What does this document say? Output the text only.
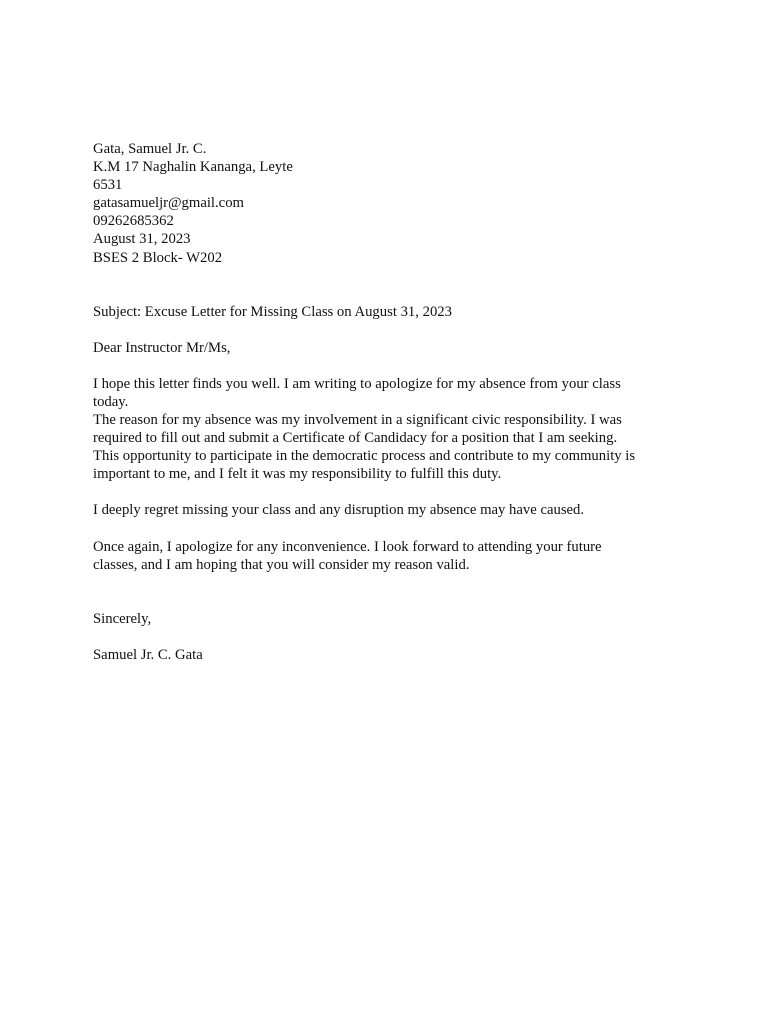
Gata, Samuel Jr. C.
K.M 17 Naghalin Kananga, Leyte
6531
gatasamueljr@gmail.com
09262685362
August 31, 2023
BSES 2 Block- W202
Subject: Excuse Letter for Missing Class on August 31, 2023
Dear Instructor Mr/Ms,
I hope this letter finds you well. I am writing to apologize for my absence from your class
today.
The reason for my absence was my involvement in a significant civic responsibility. I was
required to fill out and submit a Certificate of Candidacy for a position that I am seeking.
This opportunity to participate in the democratic process and contribute to my community is
important to me, and I felt it was my responsibility to fulfill this duty.
I deeply regret missing your class and any disruption my absence may have caused.
Once again, I apologize for any inconvenience. I look forward to attending your future
classes, and I am hoping that you will consider my reason valid.
Sincerely,
Samuel Jr. C. Gata
